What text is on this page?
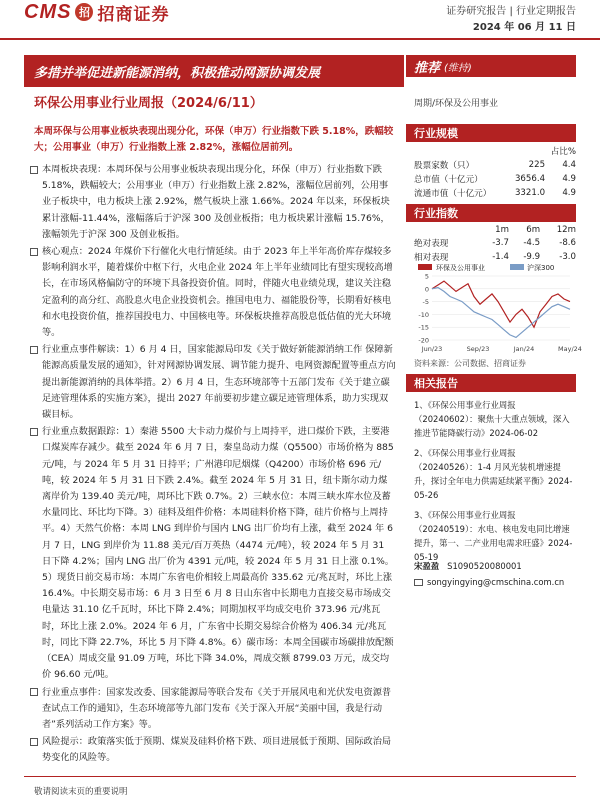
CMS 招 招商证券	证券研究报告 | 行业定期报告
2024 年 06 月 11 日
多措并举促进新能源消纳，积极推动网源协调发展	推荐 (维持)
环保公用事业行业周报（2024/6/11）	周期/环保及公用事业
本周环保与公用事业板块表现出现分化，环保（申万）行业指数下跌 5.18%，跌幅较大；公用事业（申万）行业指数上涨 2.82%，涨幅位居前列。

本周板块表现：本周环保与公用事业板块表现出现分化，环保（申万）行业指数下跌 5.18%，跌幅较大；公用事业（申万）行业指数上涨 2.82%，涨幅位居前列，公用事业子板块中，电力板块上涨 2.92%，燃气板块上涨 1.66%。2024 年以来，环保板块累计涨幅-11.44%，涨幅落后于沪深 300 及创业板指；电力板块累计涨幅 15.76%，涨幅领先于沪深 300 及创业板指。

核心观点：2024 年煤价下行催化火电行情延续。由于 2023 年上半年高价库存煤较多影响利润水平，随着煤价中枢下行，火电企业 2024 年上半年业绩同比有望实现较高增长，在市场风格偏防守的环境下具备投资价值。同时，伴随火电业绩兑现，建议关注稳定盈利的高分红、高股息火电企业投资机会。推国电电力、福能股份等，长期看好核电和水电投资价值，推荐国投电力、中国核电等。环保板块推荐高股息低估值的光大环境等。

行业重点事件解读：1）6 月 4 日，国家能源局印发《关于做好新能源消纳工作 保障新能源高质量发展的通知》，针对网源协调发展、调节能力提升、电网资源配置等重点方向提出新能源消纳的具体举措。2）6 月 4 日，生态环境部等十五部门发布《关于建立碳足迹管理体系的实施方案》，提出 2027 年前要初步建立碳足迹管理体系，助力实现双碳目标。

行业重点数据跟踪：1）秦港 5500 大卡动力煤价与上周持平，进口煤价下跌，主要港口煤炭库存减少。截至 2024 年 6 月 7 日，秦皇岛动力煤（Q5500）市场价格为 885 元/吨，与 2024 年 5 月 31 日持平；广州港印尼烟煤（Q4200）市场价格 696 元/吨，较 2024 年 5 月 31 日下跌 2.4%。截至 2024 年 5 月 31 日，纽卡斯尔动力煤离岸价为 139.40 美元/吨，周环比下跌 0.7%。2）三峡水位：本周三峡水库水位及蓄水量同比、环比均下降。3）硅料及组件价格：本周硅料价格下降，硅片价格与上周持平。4）天然气价格：本周 LNG 到岸价与国内 LNG 出厂价均有上涨，截至 2024 年 6 月 7 日，LNG 到岸价为 11.88 美元/百万英热（4474 元/吨），较 2024 年 5 月 31 日下降 4.2%；国内 LNG 出厂价为 4391 元/吨，较 2024 年 5 月 31 日上涨 0.1%。5）现货日前交易市场：本周广东省电价相较上周最高价 335.62 元/兆瓦时，环比上涨 16.4%。中长期交易市场：6 月 3 日至 6 月 8 日山东省中长期电力直接交易市场成交电量达 31.10 亿千瓦时，环比下降 2.4%；同期加权平均成交电价 373.96 元/兆瓦时，环比上涨 2.0%。2024 年 6 月，广东省中长期交易综合价格为 406.34 元/兆瓦时，同比下降 22.7%，环比 5 月下降 4.8%。6）碳市场：本周全国碳市场碳排放配额（CEA）周成交量 91.09 万吨，环比下降 34.0%，周成交额 8799.03 万元，成交均价 96.60 元/吨。

行业重点事件：国家发改委、国家能源局等联合发布《关于开展风电和光伏发电资源普查试点工作的通知》，生态环境部等九部门发布《关于深入开展“美丽中国，我是行动者”系列活动工作方案》等。

风险提示：政策落实低于预期、煤炭及硅料价格下跌、项目进展低于预期、国际政治局势变化的风险等。

行业规模
		占比%
股票家数（只）	225	4.4
总市值（十亿元）	3656.4	4.9
流通市值（十亿元）	3321.0	4.9
行业指数
	1m	6m	12m
绝对表现	-3.7	-4.5	-8.6
相对表现	-1.4	-9.9	-3.0
环保及公用事业	沪深300
5
0
-5
-10
-15
-20
Jun/23	Sep/23	Jan/24	May/24
资料来源：公司数据、招商证券
相关报告

1、《环保公用事业行业周报（20240602）：聚焦十大重点领域，深入推进节能降碳行动》2024-06-02

2、《环保公用事业行业周报（20240526）：1-4 月风光装机增速提升，探讨全年电力供需延续紧平衡》2024-05-26

3、《环保公用事业行业周报（20240519）：水电、核电发电同比增速提升，第一、二产业用电需求旺盛》2024-05-19

宋盈盈 S1090520080001
songyingying@cmschina.com.cn
敬请阅读末页的重要说明
